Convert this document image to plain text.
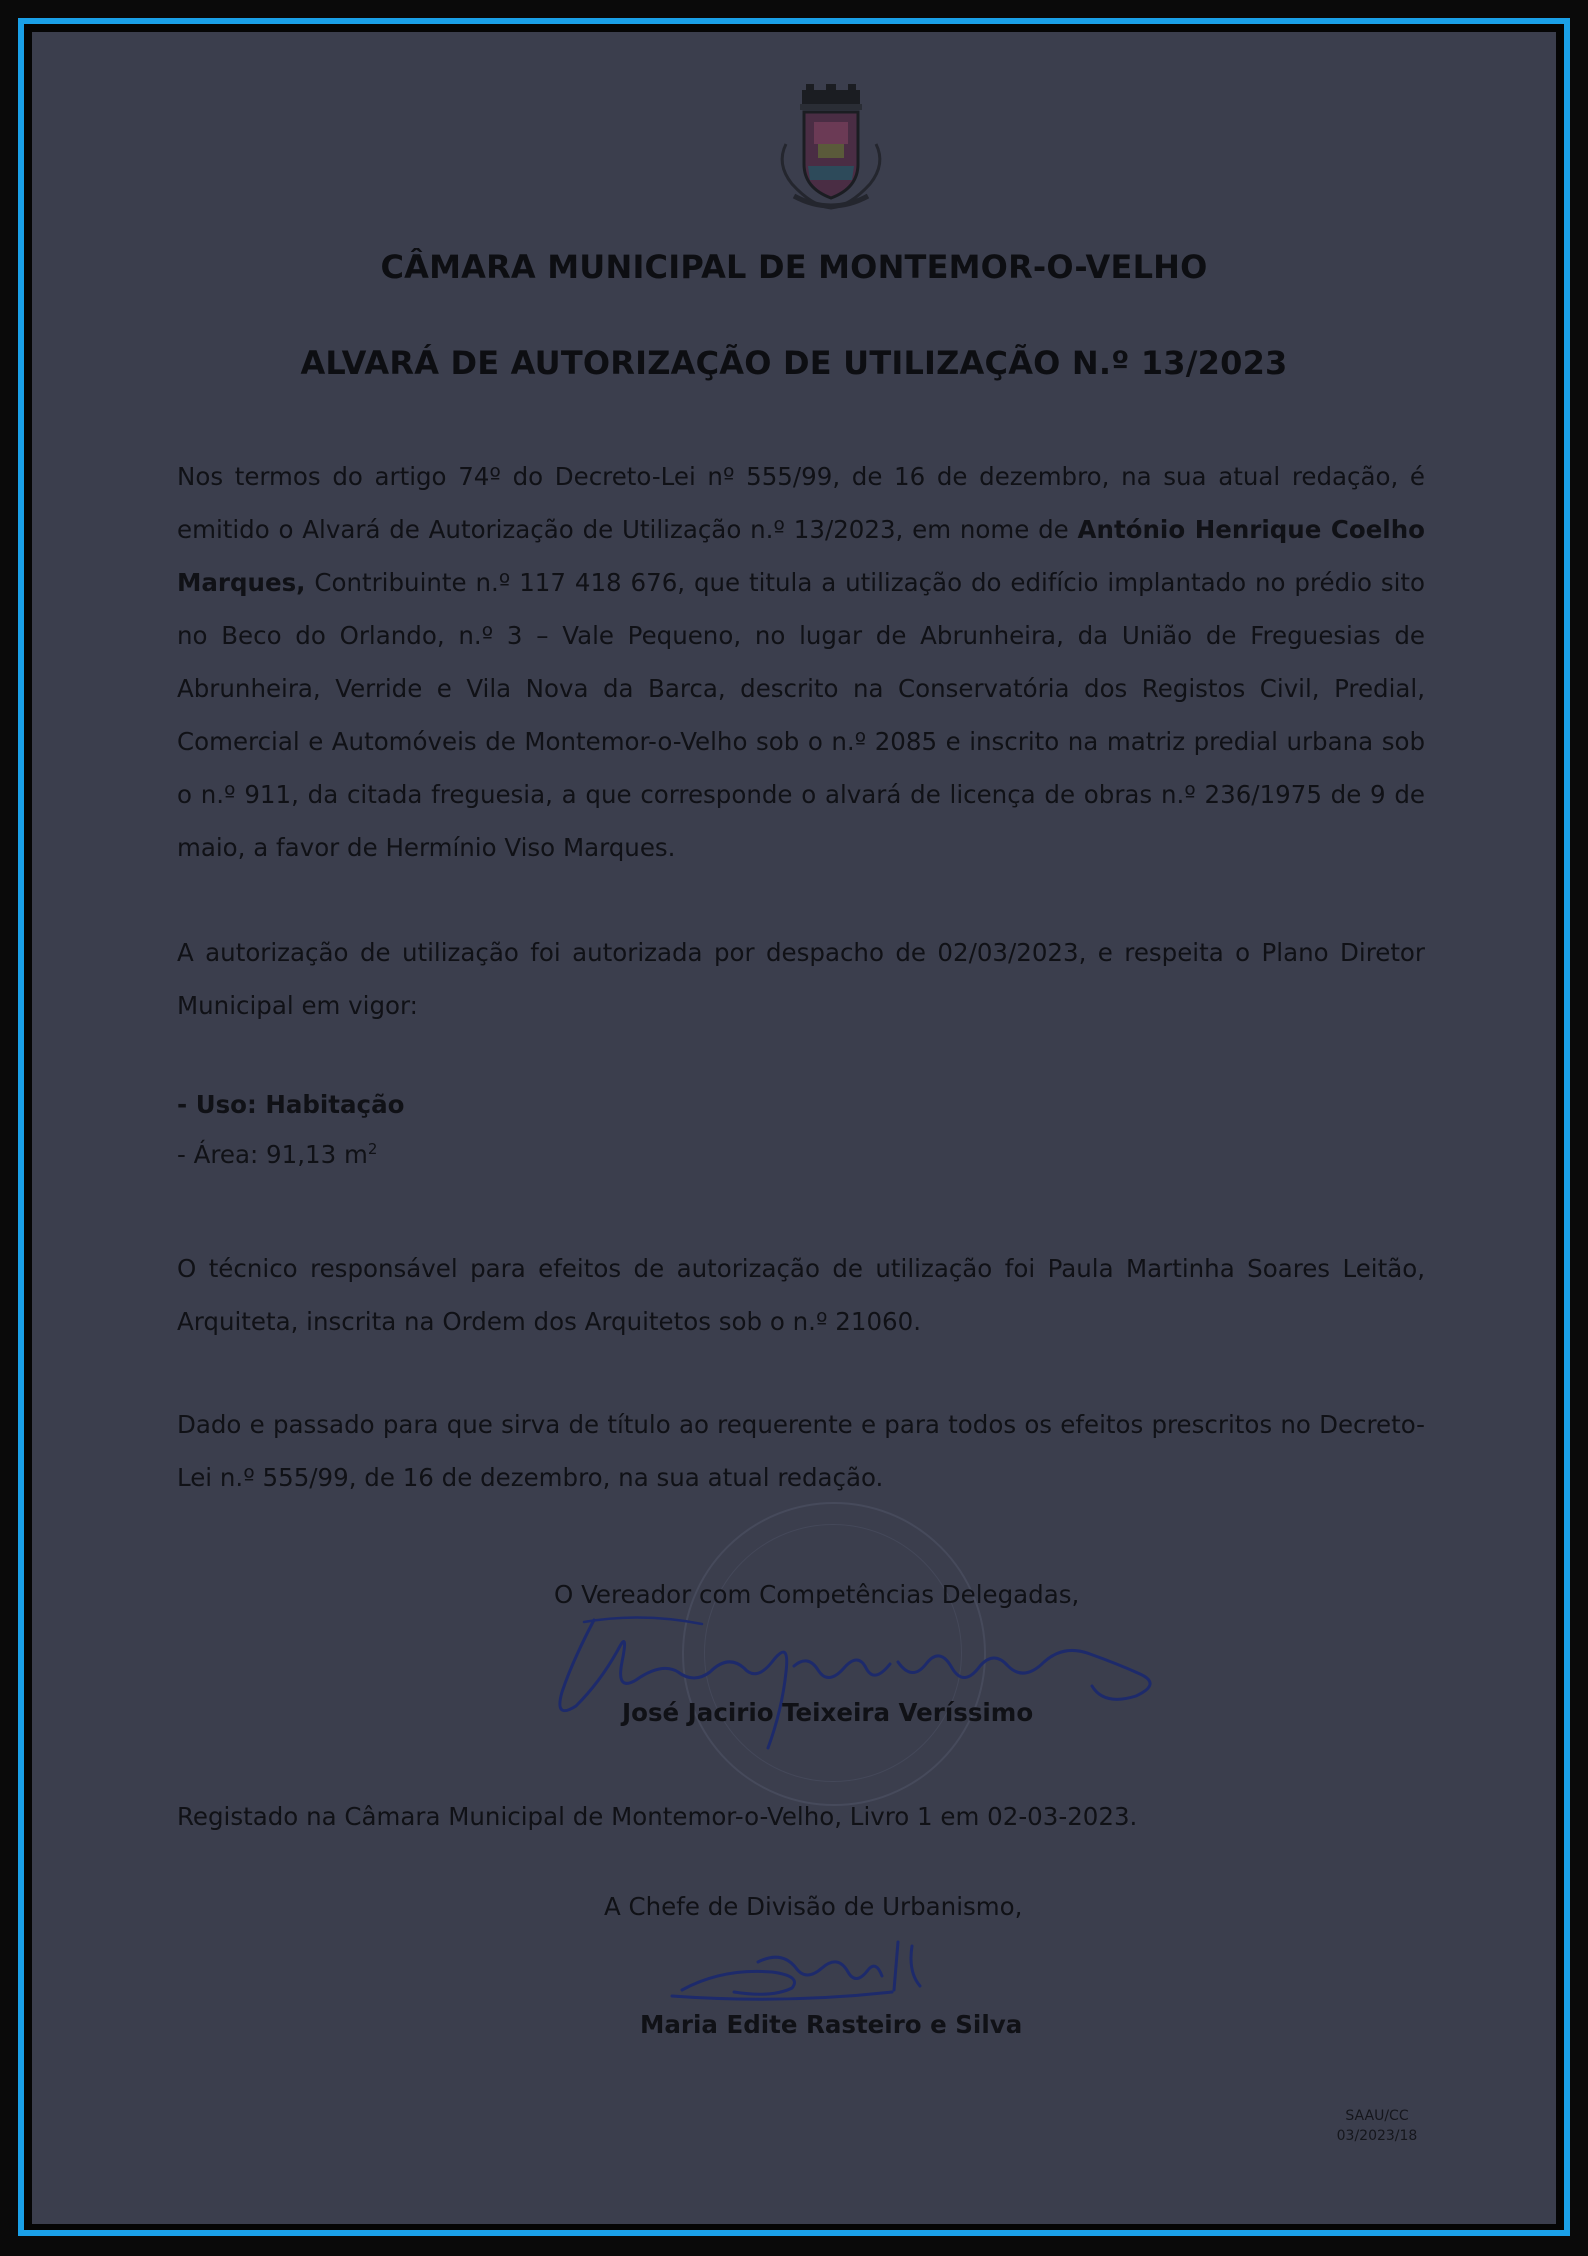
CÂMARA MUNICIPAL DE MONTEMOR-O-VELHO
ALVARÁ DE AUTORIZAÇÃO DE UTILIZAÇÃO N.º 13/2023
Nos termos do artigo 74º do Decreto-Lei nº 555/99, de 16 de dezembro, na sua atual redação, é emitido o Alvará de Autorização de Utilização n.º 13/2023, em nome de António Henrique Coelho Marques, Contribuinte n.º 117 418 676, que titula a utilização do edifício implantado no prédio sito no Beco do Orlando, n.º 3 – Vale Pequeno, no lugar de Abrunheira, da União de Freguesias de Abrunheira, Verride e Vila Nova da Barca, descrito na Conservatória dos Registos Civil, Predial, Comercial e Automóveis de Montemor-o-Velho sob o n.º 2085 e inscrito na matriz predial urbana sob o n.º 911, da citada freguesia, a que corresponde o alvará de licença de obras n.º 236/1975 de 9 de maio, a favor de Hermínio Viso Marques.
A autorização de utilização foi autorizada por despacho de 02/03/2023, e respeita o Plano Diretor Municipal em vigor:
- Uso: Habitação
- Área: 91,13 $m^2$
O técnico responsável para efeitos de autorização de utilização foi Paula Martinha Soares Leitão, Arquiteta, inscrita na Ordem dos Arquitetos sob o n.º 21060.
Dado e passado para que sirva de título ao requerente e para todos os efeitos prescritos no Decreto-Lei n.º 555/99, de 16 de dezembro, na sua atual redação.
O Vereador com Competências Delegadas,
José Jacirio Teixeira Veríssimo
Registado na Câmara Municipal de Montemor-o-Velho, Livro 1 em 02-03-2023.
A Chefe de Divisão de Urbanismo,
Maria Edite Rasteiro e Silva
SAAU/CC
03/2023/18
